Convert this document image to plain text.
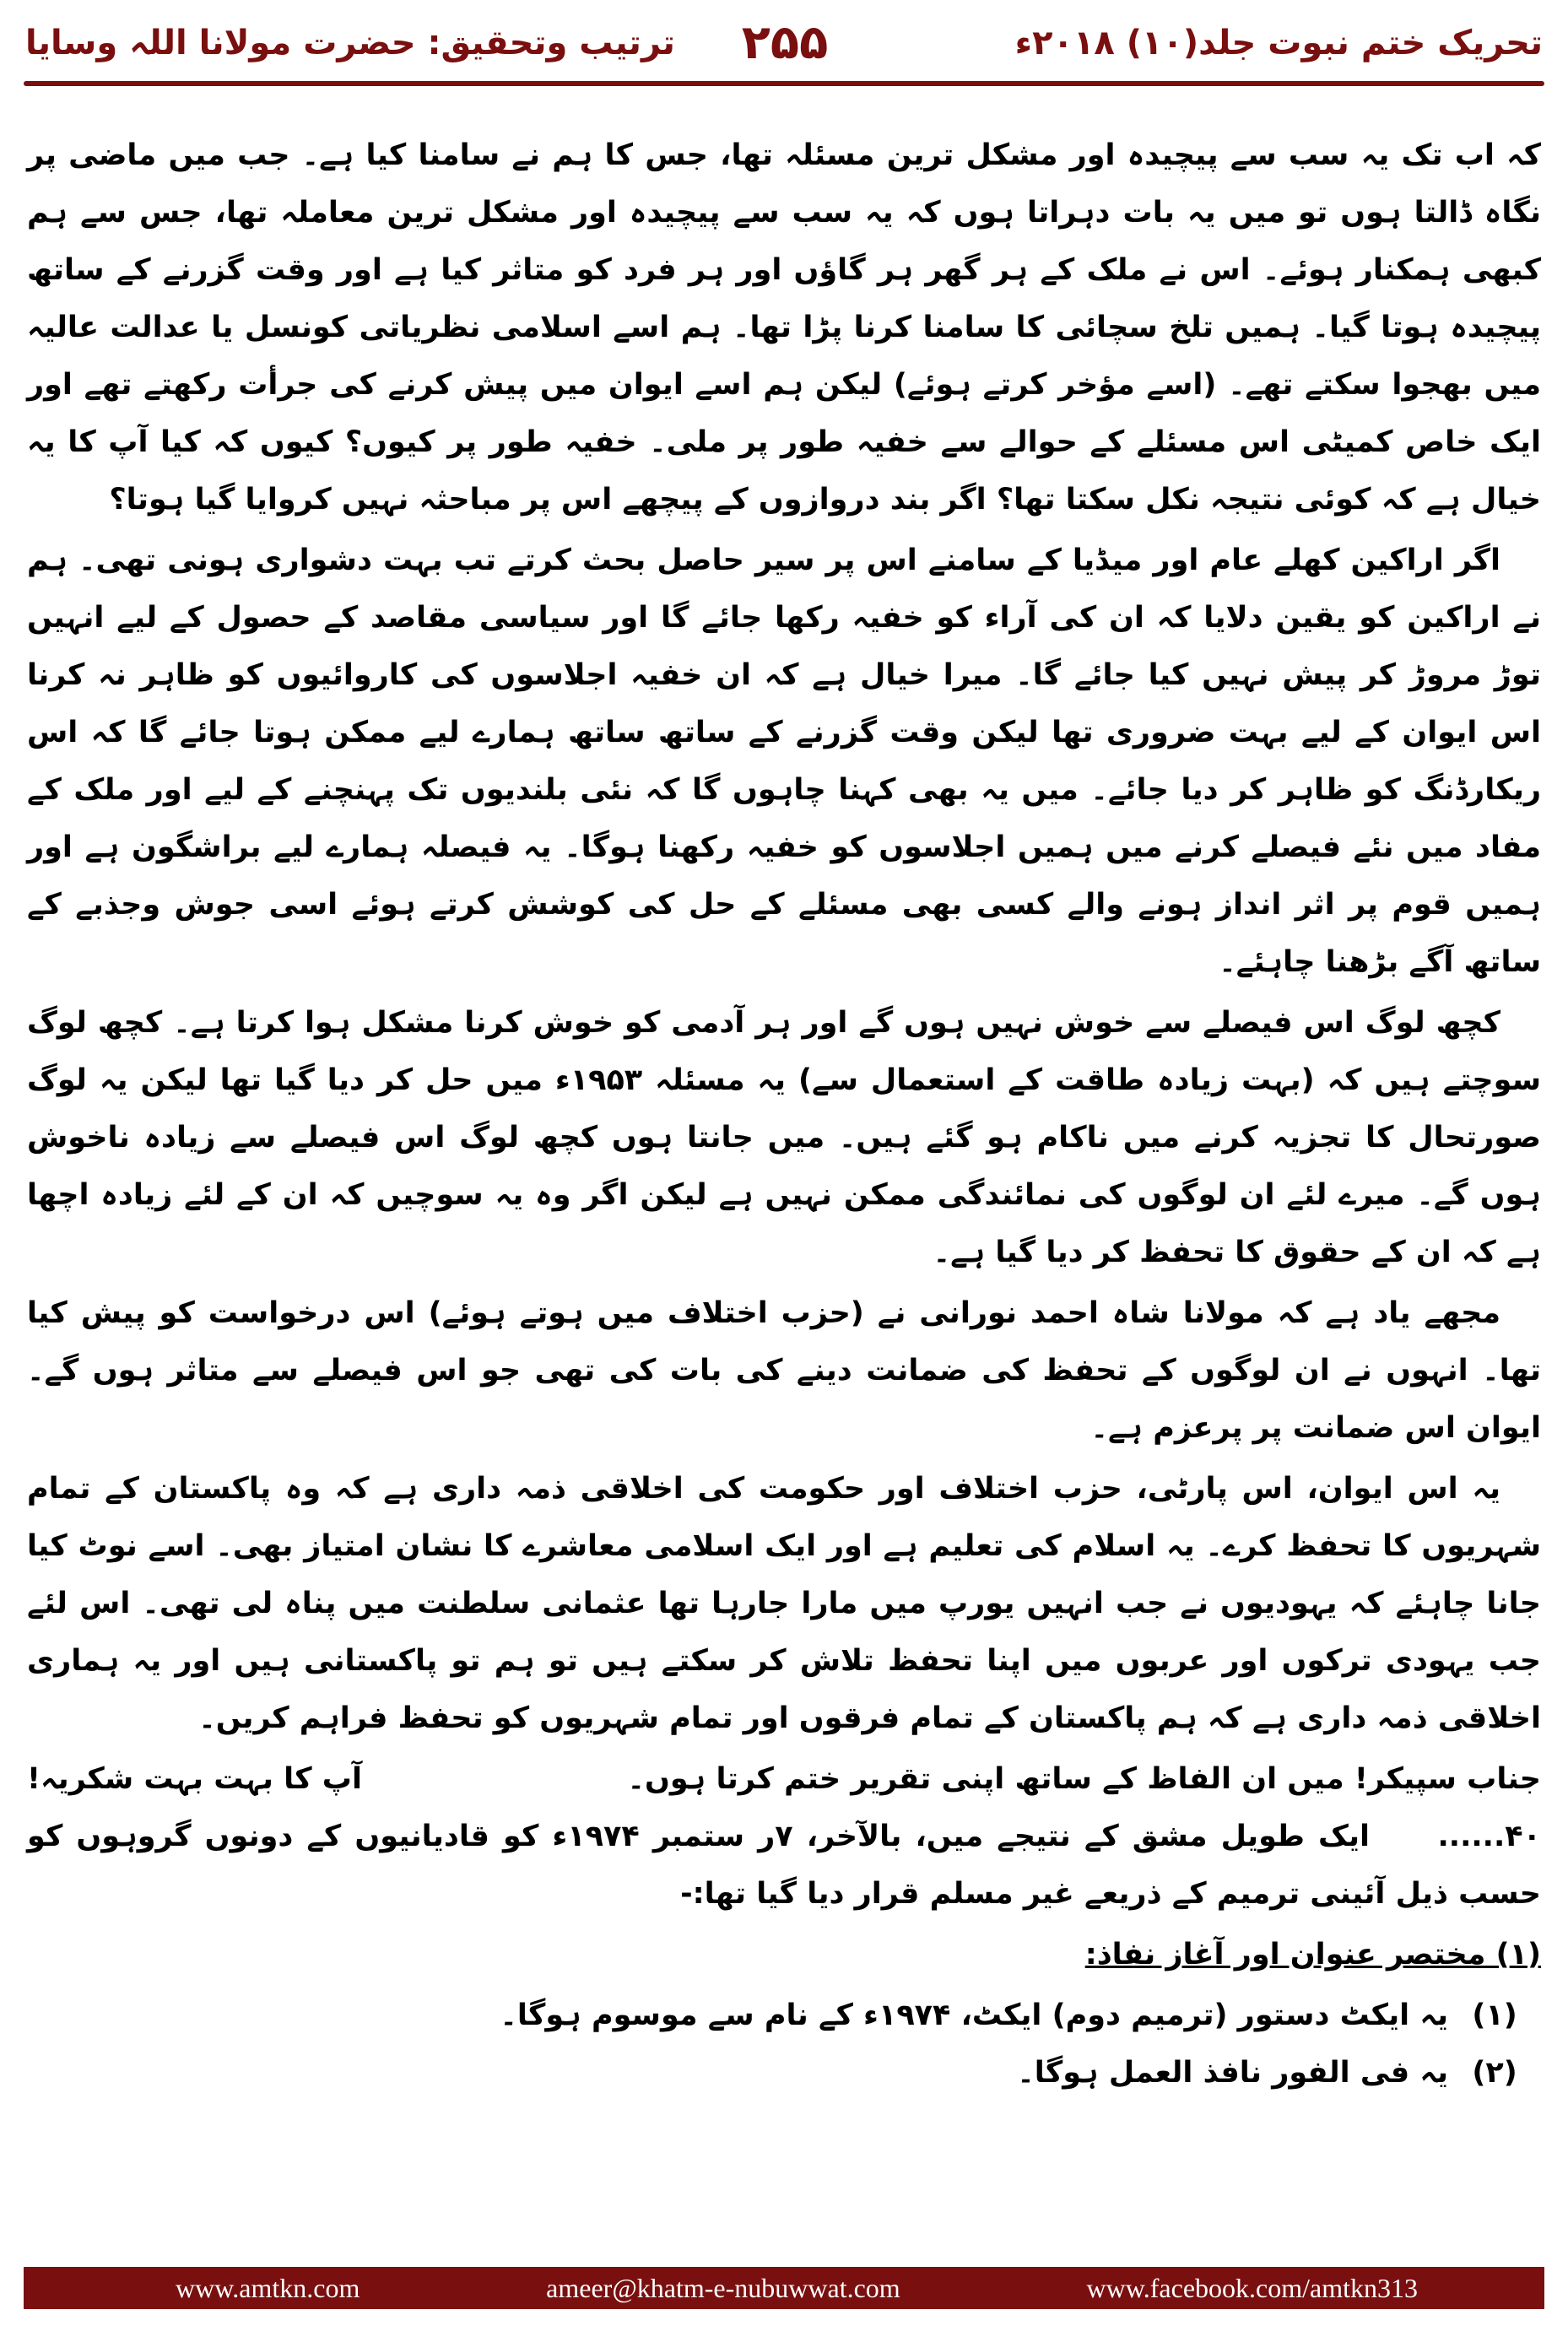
ترتیب وتحقیق: حضرت مولانا اللہ وسایا	۲۵۵	تحریک ختم نبوت جلد(۱۰) ۲۰۱۸ء

کہ اب تک یہ سب سے پیچیدہ اور مشکل ترین مسئلہ تھا، جس کا ہم نے سامنا کیا ہے۔ جب میں ماضی پر نگاہ ڈالتا ہوں تو میں یہ بات دہراتا ہوں کہ یہ سب سے پیچیدہ اور مشکل ترین معاملہ تھا، جس سے ہم کبھی ہمکنار ہوئے۔ اس نے ملک کے ہر گھر ہر گاؤں اور ہر فرد کو متاثر کیا ہے اور وقت گزرنے کے ساتھ پیچیدہ ہوتا گیا۔ ہمیں تلخ سچائی کا سامنا کرنا پڑا تھا۔ ہم اسے اسلامی نظریاتی کونسل یا عدالت عالیہ میں بھجوا سکتے تھے۔ (اسے مؤخر کرتے ہوئے) لیکن ہم اسے ایوان میں پیش کرنے کی جرأت رکھتے تھے اور ایک خاص کمیٹی اس مسئلے کے حوالے سے خفیہ طور پر ملی۔ خفیہ طور پر کیوں؟ کیوں کہ کیا آپ کا یہ خیال ہے کہ کوئی نتیجہ نکل سکتا تھا؟ اگر بند دروازوں کے پیچھے اس پر مباحثہ نہیں کروایا گیا ہوتا؟

اگر اراکین کھلے عام اور میڈیا کے سامنے اس پر سیر حاصل بحث کرتے تب بہت دشواری ہونی تھی۔ ہم نے اراکین کو یقین دلایا کہ ان کی آراء کو خفیہ رکھا جائے گا اور سیاسی مقاصد کے حصول کے لیے انہیں توڑ مروڑ کر پیش نہیں کیا جائے گا۔ میرا خیال ہے کہ ان خفیہ اجلاسوں کی کاروائیوں کو ظاہر نہ کرنا اس ایوان کے لیے بہت ضروری تھا لیکن وقت گزرنے کے ساتھ ساتھ ہمارے لیے ممکن ہوتا جائے گا کہ اس ریکارڈنگ کو ظاہر کر دیا جائے۔ میں یہ بھی کہنا چاہوں گا کہ نئی بلندیوں تک پہنچنے کے لیے اور ملک کے مفاد میں نئے فیصلے کرنے میں ہمیں اجلاسوں کو خفیہ رکھنا ہوگا۔ یہ فیصلہ ہمارے لیے براشگون ہے اور ہمیں قوم پر اثر انداز ہونے والے کسی بھی مسئلے کے حل کی کوشش کرتے ہوئے اسی جوش وجذبے کے ساتھ آگے بڑھنا چاہئے۔

کچھ لوگ اس فیصلے سے خوش نہیں ہوں گے اور ہر آدمی کو خوش کرنا مشکل ہوا کرتا ہے۔ کچھ لوگ سوچتے ہیں کہ (بہت زیادہ طاقت کے استعمال سے) یہ مسئلہ ۱۹۵۳ء میں حل کر دیا گیا تھا لیکن یہ لوگ صورتحال کا تجزیہ کرنے میں ناکام ہو گئے ہیں۔ میں جانتا ہوں کچھ لوگ اس فیصلے سے زیادہ ناخوش ہوں گے۔ میرے لئے ان لوگوں کی نمائندگی ممکن نہیں ہے لیکن اگر وہ یہ سوچیں کہ ان کے لئے زیادہ اچھا ہے کہ ان کے حقوق کا تحفظ کر دیا گیا ہے۔

مجھے یاد ہے کہ مولانا شاہ احمد نورانی نے (حزب اختلاف میں ہوتے ہوئے) اس درخواست کو پیش کیا تھا۔ انہوں نے ان لوگوں کے تحفظ کی ضمانت دینے کی بات کی تھی جو اس فیصلے سے متاثر ہوں گے۔ ایوان اس ضمانت پر پرعزم ہے۔

یہ اس ایوان، اس پارٹی، حزب اختلاف اور حکومت کی اخلاقی ذمہ داری ہے کہ وہ پاکستان کے تمام شہریوں کا تحفظ کرے۔ یہ اسلام کی تعلیم ہے اور ایک اسلامی معاشرے کا نشان امتیاز بھی۔ اسے نوٹ کیا جانا چاہئے کہ یہودیوں نے جب انہیں یورپ میں مارا جارہا تھا عثمانی سلطنت میں پناہ لی تھی۔ اس لئے جب یہودی ترکوں اور عربوں میں اپنا تحفظ تلاش کر سکتے ہیں تو ہم تو پاکستانی ہیں اور یہ ہماری اخلاقی ذمہ داری ہے کہ ہم پاکستان کے تمام فرقوں اور تمام شہریوں کو تحفظ فراہم کریں۔

جناب سپیکر! میں ان الفاظ کے ساتھ اپنی تقریر ختم کرتا ہوں۔
آپ کا بہت بہت شکریہ!

۴۰......     ایک طویل مشق کے نتیجے میں، بالآخر، ۷ر ستمبر ۱۹۷۴ء کو قادیانیوں کے دونوں گروہوں کو حسب ذیل آئینی ترمیم کے ذریعے غیر مسلم قرار دیا گیا تھا:-

(۱) مختصر عنوان اور آغاز نفاذ:

(۱)
یہ ایکٹ دستور (ترمیم دوم) ایکٹ، ۱۹۷۴ء کے نام سے موسوم ہوگا۔
(۲)
یہ فی الفور نافذ العمل ہوگا۔
www.amtkn.com	ameer@khatm-e-nubuwwat.com	www.facebook.com/amtkn313
